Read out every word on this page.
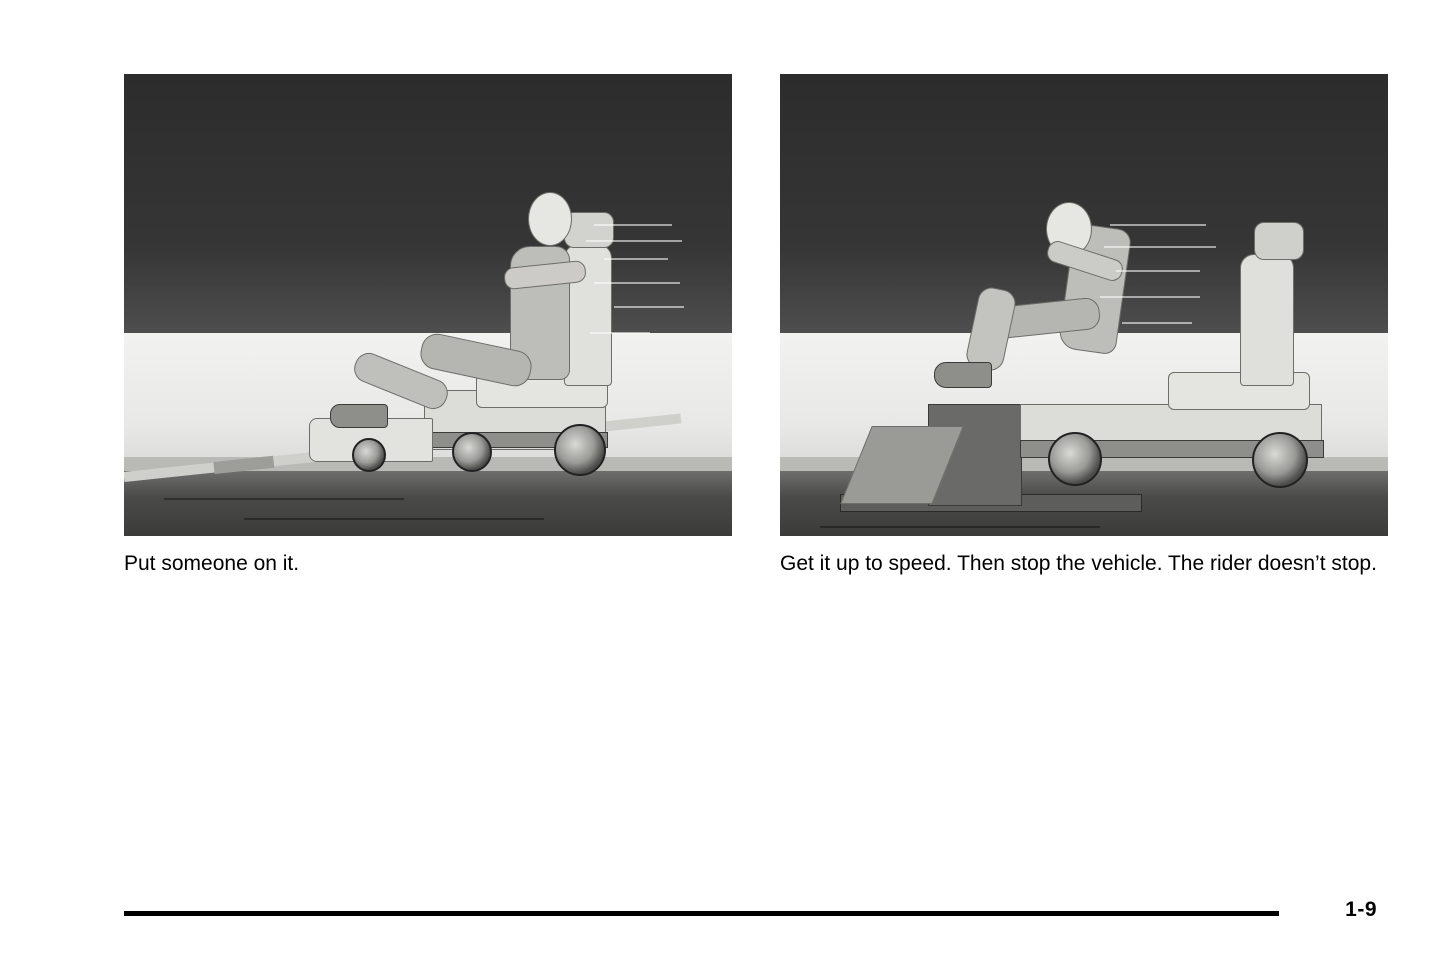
Put someone on it.	Get it up to speed. Then stop the vehicle. The rider doesn’t stop.
1-9
